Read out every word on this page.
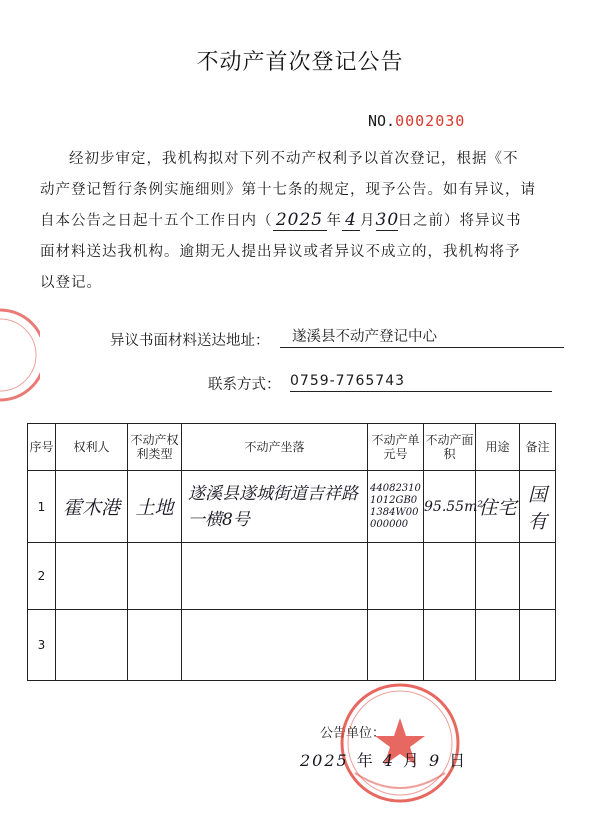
不动产首次登记公告
NO.0002030
经初步审定，我机构拟对下列不动产权利予以首次登记，根据《不
动产登记暂行条例实施细则》第十七条的规定，现予公告。如有异议，请
自本公告之日起十五个工作日内（ 2025 年 4 月30日之前）将异议书
面材料送达我机构。逾期无人提出异议或者异议不成立的，我机构将予
以登记。
异议书面材料送达地址：	遂溪县不动产登记中心
联系方式： 0759-7765743
序号	权利人	不动产权利类型	不动产坐落	不动产单元号	不动产面 积	用途	备注
1	霍木港	土地	遂溪县遂城街道吉祥路一横8号	440823101012GB01384W00000000	95.55m²	住宅	国有
2							
3							
公告单位：
2025 年 4 月 9 日
